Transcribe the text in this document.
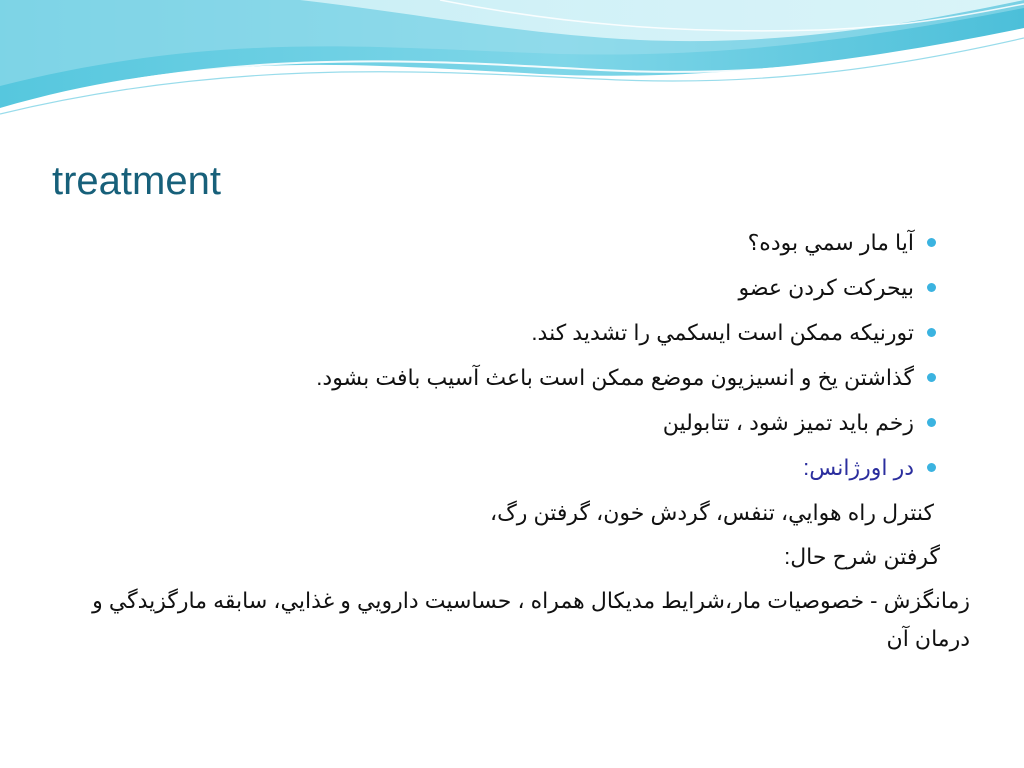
treatment
آيا مار سمي بوده؟
بيحرکت کردن عضو
تورنيکه ممکن است ايسکمي را تشديد کند.
گذاشتن يخ و انسيزيون موضع ممکن است باعث آسيب بافت بشود.
زخم بايد تميز شود ، تتابولين
در اورژانس:
کنترل راه هوايي، تنفس، گردش خون، گرفتن رگ،
گرفتن شرح حال:
زمانگزش - خصوصيات مار،شرايط مديکال همراه ، حساسيت دارويي و غذايي، سابقه مارگزيدگي و درمان آن
